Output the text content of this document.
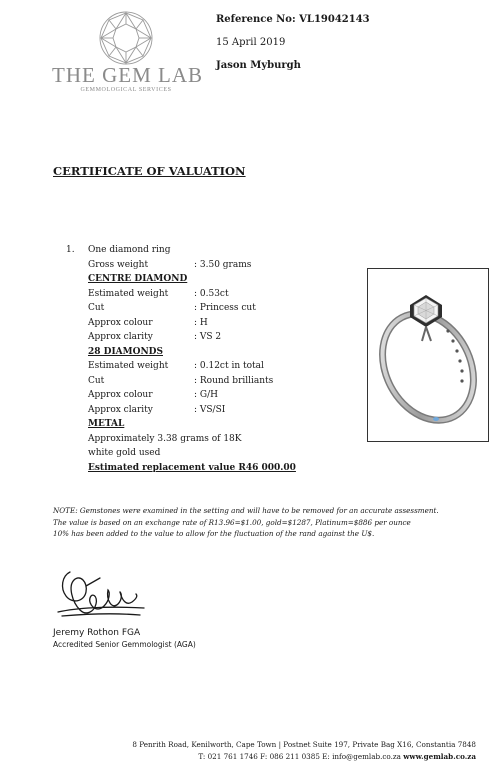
THE GEM LAB
GEMMOLOGICAL SERVICES
Reference No: VL19042143
15 April 2019
Jason Myburgh
CERTIFICATE OF VALUATION
1.	One diamond ring
Gross weight	: 3.50 grams
CENTRE DIAMOND
Estimated weight	: 0.53ct
Cut	: Princess cut
Approx colour	: H
Approx clarity	: VS 2
28 DIAMONDS
Estimated weight	: 0.12ct in total
Cut	: Round brilliants
Approx colour	: G/H
Approx clarity	: VS/SI
METAL
Approximately 3.38 grams of 18K
white gold used
Estimated replacement value R46 000.00
NOTE: Gemstones were examined in the setting and will have to be removed for an accurate assessment.
The value is based on an exchange rate of R13.96=$1.00, gold=$1287, Platinum=$886 per ounce
10% has been added to the value to allow for the fluctuation of the rand against the U$.
Jeremy Rothon FGA
Accredited Senior Gemmologist (AGA)
8 Penrith Road, Kenilworth, Cape Town | Postnet Suite 197, Private Bag X16, Constantia 7848
T: 021 761 1746 F: 086 211 0385 E: info@gemlab.co.za www.gemlab.co.za
